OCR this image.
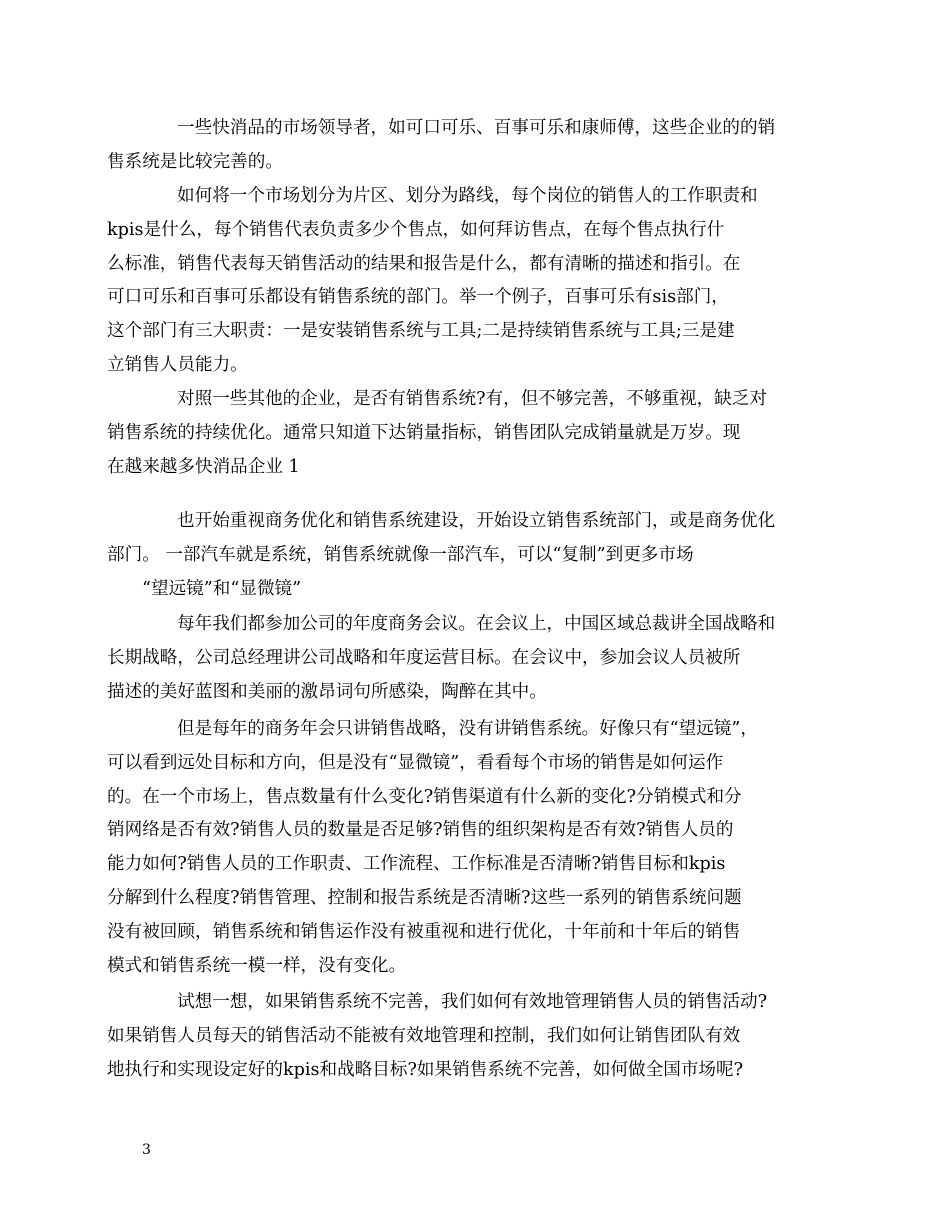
一些快消品的市场领导者，如可口可乐、百事可乐和康师傅，这些企业的的销
售系统是比较完善的。

如何将一个市场划分为片区、划分为路线，每个岗位的销售人的工作职责和
kpis是什么，每个销售代表负责多少个售点，如何拜访售点，在每个售点执行什
么标准，销售代表每天销售活动的结果和报告是什么，都有清晰的描述和指引。在
可口可乐和百事可乐都设有销售系统的部门。举一个例子，百事可乐有sis部门，
这个部门有三大职责：一是安装销售系统与工具;二是持续销售系统与工具;三是建
立销售人员能力。

对照一些其他的企业，是否有销售系统?有，但不够完善，不够重视，缺乏对
销售系统的持续优化。通常只知道下达销量指标，销售团队完成销量就是万岁。现
在越来越多快消品企业 1

也开始重视商务优化和销售系统建设，开始设立销售系统部门，或是商务优化
部门。 一部汽车就是系统，销售系统就像一部汽车，可以“复制”到更多市场
“望远镜”和“显微镜”

每年我们都参加公司的年度商务会议。在会议上，中国区域总裁讲全国战略和
长期战略，公司总经理讲公司战略和年度运营目标。在会议中，参加会议人员被所
描述的美好蓝图和美丽的激昂词句所感染，陶醉在其中。

但是每年的商务年会只讲销售战略，没有讲销售系统。好像只有“望远镜”，
可以看到远处目标和方向，但是没有“显微镜”，看看每个市场的销售是如何运作
的。在一个市场上，售点数量有什么变化?销售渠道有什么新的变化?分销模式和分
销网络是否有效?销售人员的数量是否足够?销售的组织架构是否有效?销售人员的
能力如何?销售人员的工作职责、工作流程、工作标准是否清晰?销售目标和kpis
分解到什么程度?销售管理、控制和报告系统是否清晰?这些一系列的销售系统问题
没有被回顾，销售系统和销售运作没有被重视和进行优化，十年前和十年后的销售
模式和销售系统一模一样，没有变化。

试想一想，如果销售系统不完善，我们如何有效地管理销售人员的销售活动?
如果销售人员每天的销售活动不能被有效地管理和控制，我们如何让销售团队有效
地执行和实现设定好的kpis和战略目标?如果销售系统不完善，如何做全国市场呢?

3
